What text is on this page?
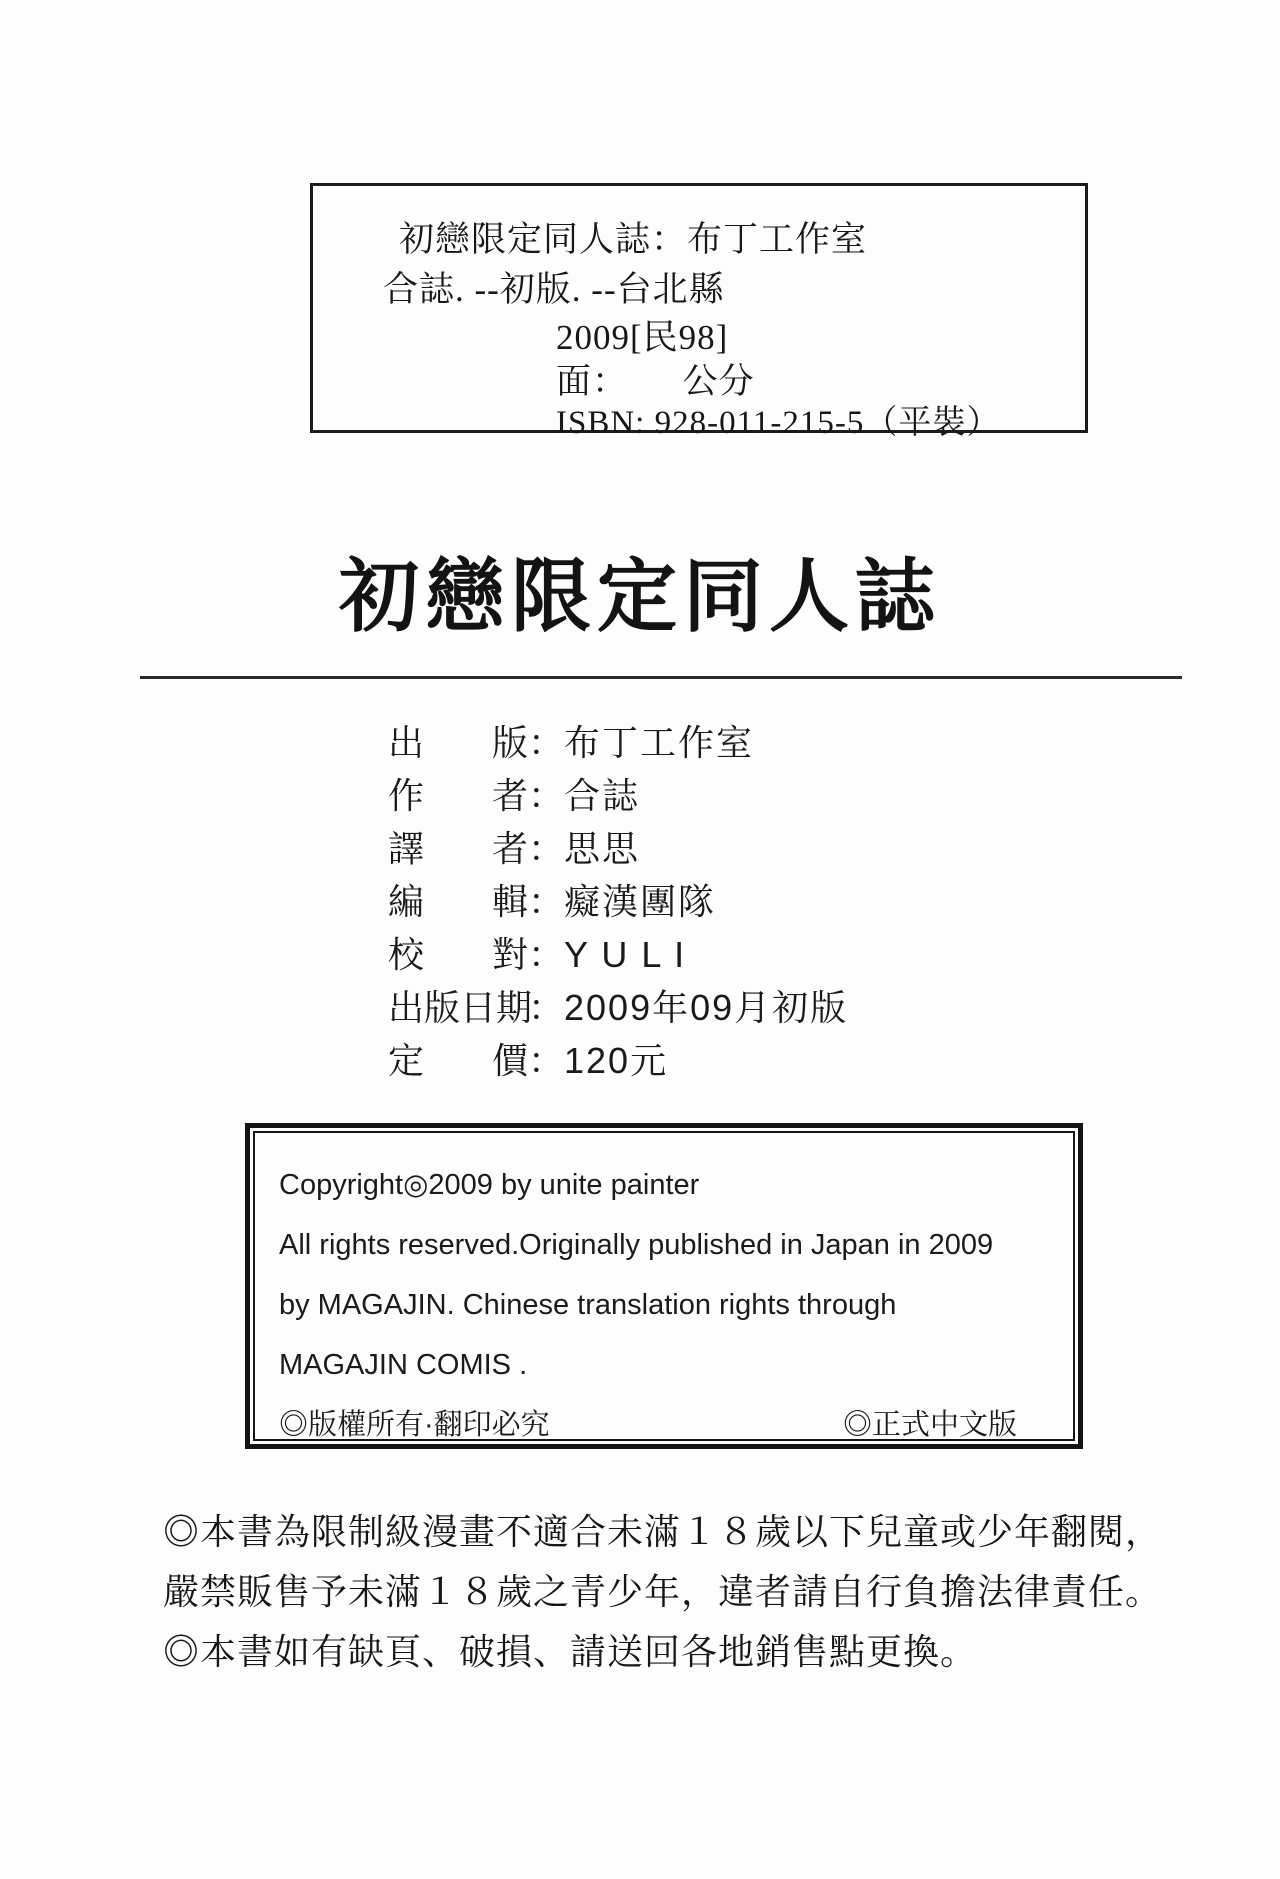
初戀限定同人誌：布丁工作室
合誌. --初版. --台北縣
2009[民98]
面：　　公分
ISBN: 928-011-215-5（平裝）
初戀限定同人誌
出版：布丁工作室
作者：合誌
譯者：思思
編輯：癡漢團隊
校對：Y U L I
出版日期：2009年09月初版
定價：120元
Copyright◎2009 by unite painter
All rights reserved.Originally published in Japan in 2009
by MAGAJIN. Chinese translation rights through
MAGAJIN COMIS .
◎版權所有·翻印必究	◎正式中文版
◎本書為限制級漫畫不適合未滿１８歲以下兒童或少年翻閱，
嚴禁販售予未滿１８歲之青少年，違者請自行負擔法律責任。
◎本書如有缺頁、破損、請送回各地銷售點更換。
